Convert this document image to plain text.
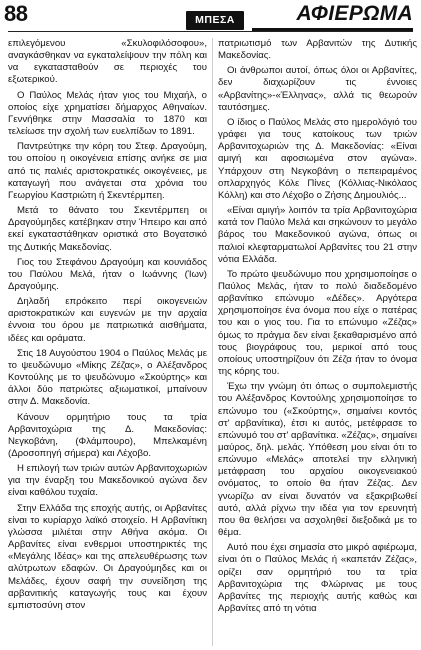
88	ΜΠΕΣΑ	ΑΦΙΕΡΩΜΑ

επιλεγόμενου «Σκυλοφιλόσοφου», αναγκάσθηκαν να εγκαταλείψουν την πόλη και να εγκατασταθούν σε περιοχές του εξωτερικού.

Ο Παύλος Μελάς ήταν γιος του Μιχαήλ, ο οποίος είχε χρηματίσει δήμαρχος Αθηναίων. Γεννήθηκε στην Μασσαλία το 1870 και τελείωσε την σχολή των ευελπίδων το 1891.

Παντρεύτηκε την κόρη του Στεφ. Δραγούμη, του οποίου η οικογένεια επίσης ανήκε σε μια από τις παλιές αριστοκρατικές οικογένειες, με καταγωγή που ανάγεται στα χρόνια του Γεωργίου Καστριώτη ή Σκεντέρμπεη.

Μετά το θάνατο του Σκεντέρμπεη οι Δραγούμηδες κατέβηκαν στην Ήπειρο και από εκεί εγκαταστάθηκαν οριστικά στο Βογατσικό της Δυτικής Μακεδονίας.

Γιος του Στεφάνου Δραγούμη και κουνιάδος του Παύλου Μελά, ήταν ο Ιωάννης (Ίων) Δραγούμης.

Δηλαδή επρόκειτο περί οικογενειών αριστοκρατικών και ευγενών με την αρχαία έννοια του όρου με πατριωτικά αισθήματα, ιδέες και οράματα.

Στις 18 Αυγούστου 1904 ο Παύλος Μελάς με το ψευδώνυμο «Μίκης Ζέζας», ο Αλέξανδρος Κοντούλης με το ψευδώνυμο «Σκούρτης» και άλλοι δύο πατριώτες αξιωματικοί, μπαίνουν στην Δ. Μακεδονία.

Κάνουν ορμητήριο τους τα τρία Αρβανιτοχώρια της Δ. Μακεδονίας: Νεγκοβάνη, (Φλάμπουρο), Μπελκαμένη (Δροσοπηγή σήμερα) και Λέχοβο.

Η επιλογή των τριών αυτών Αρβανιτοχωριών για την έναρξη του Μακεδονικού αγώνα δεν είναι καθόλου τυχαία.

Στην Ελλάδα της εποχής αυτής, οι Αρβανίτες είναι το κυρίαρχο λαϊκό στοιχείο. Η Αρβανίτικη γλώσσα μιλιέται στην Αθήνα ακόμα. Οι Αρβανίτες είναι ενθερμοι υποστηρικτές της «Μεγάλης Ιδέας» και της απελευθέρωσης των αλύτρωτων εδαφών. Οι Δραγούμηδες και οι Μελάδες, έχουν σαφή την συνείδηση της αρβανιτικής καταγωγής τους και έχουν εμπιστοσύνη στον

πατριωτισμό των Αρβανιτών της Δυτικής Μακεδονίας.

Οι άνθρωποι αυτοί, όπως όλοι οι Αρβανίτες, δεν διαχωρίζουν τις έννοιες «Αρβανίτης»-«Έλληνας», αλλά τις θεωρούν ταυτόσημες.

Ο ίδιος ο Παύλος Μελάς στο ημερολόγιό του γράφει για τους κατοίκους των τριών Αρβανιτοχωριών της Δ. Μακεδονίας: «Είναι αμιγή και αφοσιωμένα στον αγώνα». Υπάρχουν στη Νεγκοβάνη ο πεπειραμένος οπλαρχηγός Κόλε Πίνες (Κόλλιας-Νικόλαος Κόλλη) και στο Λέχοβο ο Ζήσης Δημουλιός...

«Είναι αμιγή» λοιπόν τα τρία Αρβανιτοχώρια κατά τον Παύλο Μελά και σηκώνουν το μεγάλο βάρος του Μακεδονικού αγώνα, όπως οι παλιοί κλεφταρματωλοί Αρβανίτες του 21 στην νότια Ελλάδα.

Το πρώτο ψευδώνυμο που χρησιμοποίησε ο Παύλος Μελάς, ήταν το πολύ διαδεδομένο αρβανίτικο επώνυμο «Δέδες». Αργότερα χρησιμοποίησε ένα όνομα που είχε ο πατέρας του και ο γιος του. Για το επώνυμο «Ζέζας» όμως το πράγμα δεν είναι ξεκαθαρισμένο από τους βιογράφους του, μερικοί από τους οποίους υποστηρίζουν ότι Ζέζα ήταν το όνομα της κόρης του.

Έχω την γνώμη ότι όπως ο συμπολεμιστής του Αλέξανδρος Κοντούλης χρησιμοποίησε το επώνυμο του («Σκούρτης», σημαίνει κοντός στ' αρβανίτικα), έτσι κι αυτός, μετέφρασε το επώνυμό του στ' αρβανίτικα. «Ζέζας», σημαίνει μαύρος, δηλ. μελάς. Υπόθεση μου είναι ότι το επώνυμο «Μελάς» αποτελεί την ελληνική μετάφραση του αρχαίου οικογενειακού ονόματος, το οποίο θα ήταν Ζέζας. Δεν γνωρίζω αν είναι δυνατόν να εξακριβωθεί αυτό, αλλά ρίχνω την ιδέα για τον ερευνητή που θα θελήσει να ασχοληθεί διεξοδικά με το θέμα.

Αυτό που έχει σημασία στο μικρό αφιέρωμα, είναι ότι ο Παύλος Μελάς ή «καπετάν Ζέζας», ορίζει σαν ορμητήριό του τα τρία Αρβανιτοχώρια της Φλώρινας με τους Αρβανίτες της περιοχής αυτής καθώς και Αρβανίτες από τη νότια
